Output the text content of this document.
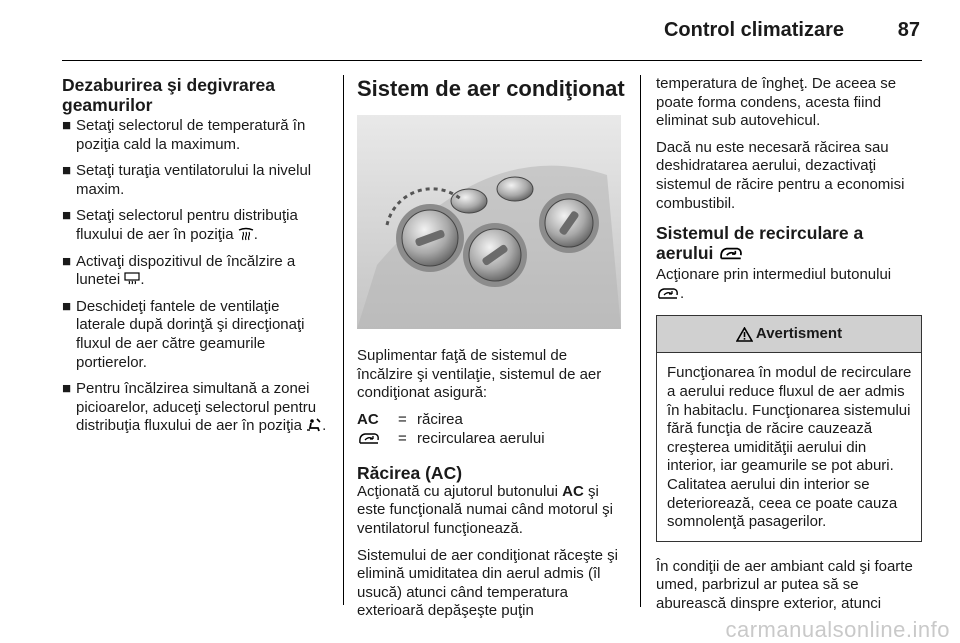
Control climatizare	87
Dezaburirea şi degivrarea geamurilor
■ Setaţi selectorul de temperatură în poziţia cald la maximum.
■ Setaţi turaţia ventilatorului la nivelul maxim.
■ Setaţi selectorul pentru distribuţia fluxului de aer în poziţia .
■ Activaţi dispozitivul de încălzire a lunetei .
■ Deschideţi fantele de ventilaţie laterale după dorinţă şi direcţionaţi fluxul de aer către geamurile portierelor.
■ Pentru încălzirea simultană a zonei picioarelor, aduceţi selectorul pentru distribuţia fluxului de aer în poziţia .
Sistem de aer condiţionat

Suplimentar faţă de sistemul de încălzire şi ventilaţie, sistemul de aer condiţionat asigură:

AC = răcirea
= recircularea aerului
Răcirea (AC)

Acţionată cu ajutorul butonului AC şi este funcţională numai când motorul şi ventilatorul funcţionează.

Sistemului de aer condiţionat răceşte şi elimină umiditatea din aerul admis (îl usucă) atunci când temperatura exterioară depăşeşte puţin

temperatura de îngheţ. De aceea se poate forma condens, acesta fiind eliminat sub autovehicul.

Dacă nu este necesară răcirea sau deshidratarea aerului, dezactivaţi sistemul de răcire pentru a economisi combustibil.

Sistemul de recirculare a aerului

Acţionare prin intermediul butonului
.

Avertisment
Funcţionarea în modul de recirculare a aerului reduce fluxul de aer admis în habitaclu. Funcţionarea sistemului fără funcţia de răcire cauzează creşterea umidităţii aerului din interior, iar geamurile se pot aburi. Calitatea aerului din interior se deteriorează, ceea ce poate cauza somnolenţă pasagerilor.

În condiţii de aer ambiant cald şi foarte umed, parbrizul ar putea să se aburească dinspre exterior, atunci

carmanualsonline.info
